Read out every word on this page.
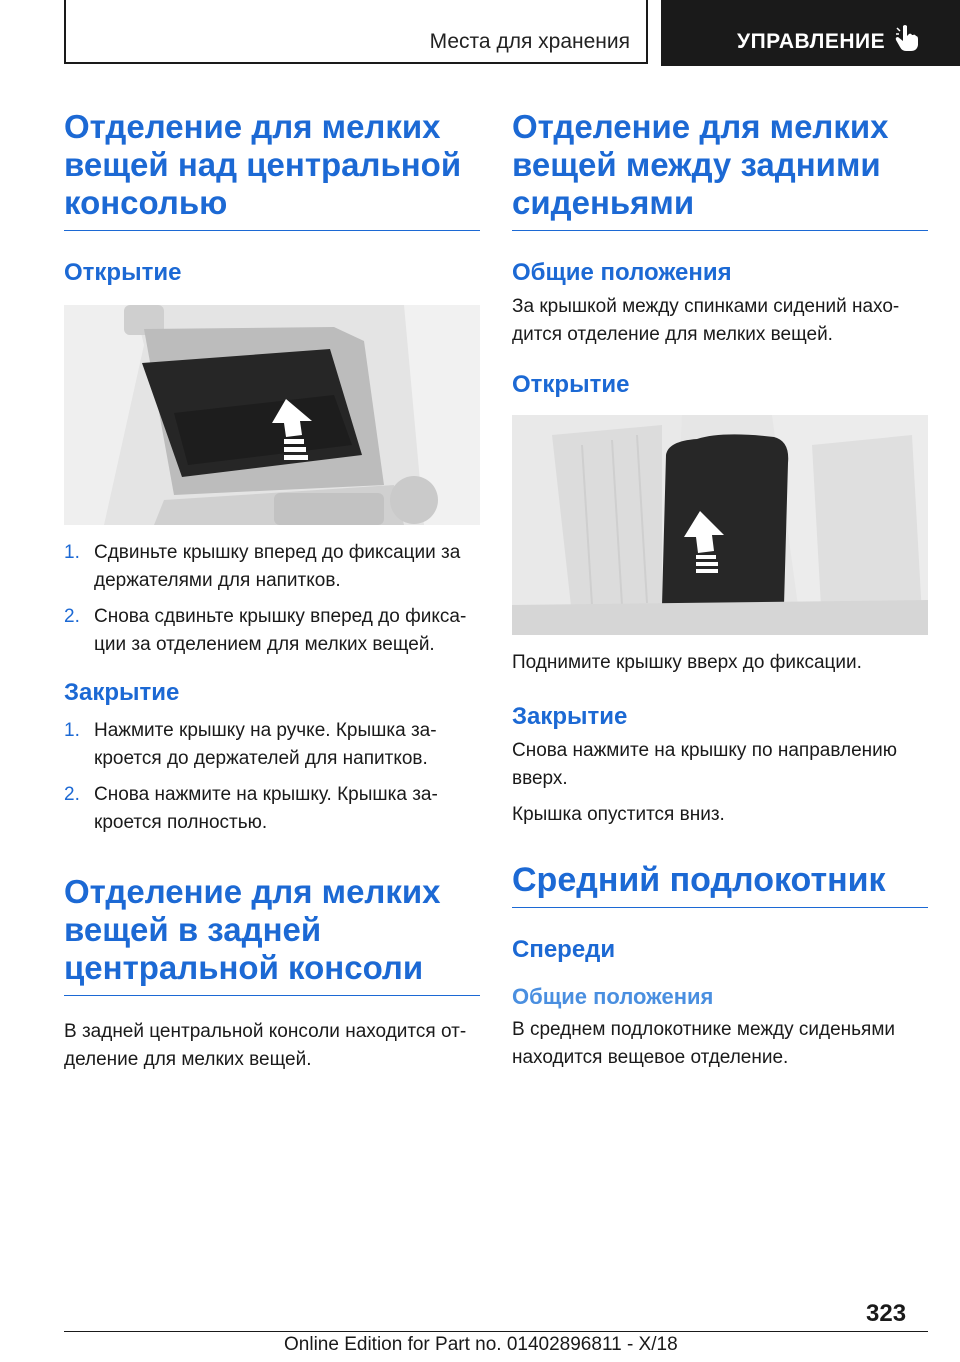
Места для хранения	УПРАВЛЕНИЕ
Отделение для мелких
вещей над центральной
консолью
Открытие
1. Сдвиньте крышку вперед до фиксации за держателями для напитков.
2. Снова сдвиньте крышку вперед до фиксации за отделением для мелких вещей.
Закрытие
1. Нажмите крышку на ручке. Крышка закроется до держателей для напитков.
2. Снова нажмите на крышку. Крышка закроется полностью.
Отделение для мелких
вещей в задней
центральной консоли

В задней центральной консоли находится отделение для мелких вещей.

Отделение для мелких
вещей между задними
сиденьями
Общие положения

За крышкой между спинками сидений находится отделение для мелких вещей.

Открытие

Поднимите крышку вверх до фиксации.

Закрытие

Снова нажмите на крышку по направлению вверх.

Крышка опустится вниз.

Средний подлокотник
Спереди
Общие положения

В среднем подлокотнике между сиденьями находится вещевое отделение.

323
Online Edition for Part no. 01402896811 - X/18
